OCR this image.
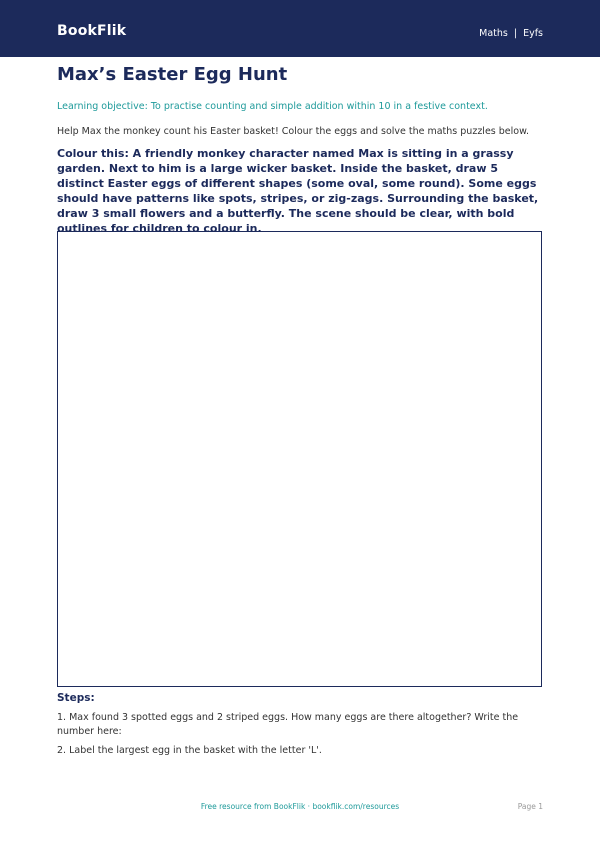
BookFlik	Maths | Eyfs
Max’s Easter Egg Hunt
Learning objective: To practise counting and simple addition within 10 in a festive context.
Help Max the monkey count his Easter basket! Colour the eggs and solve the maths puzzles below.
Colour this: A friendly monkey character named Max is sitting in a grassy garden. Next to him is a large wicker basket. Inside the basket, draw 5 distinct Easter eggs of different shapes (some oval, some round). Some eggs should have patterns like spots, stripes, or zig-zags. Surrounding the basket, draw 3 small flowers and a butterfly. The scene should be clear, with bold outlines for children to colour in.
Steps:
1. Max found 3 spotted eggs and 2 striped eggs. How many eggs are there altogether? Write the number here:
2. Label the largest egg in the basket with the letter 'L'.
Free resource from BookFlik · bookflik.com/resources	Page 1
